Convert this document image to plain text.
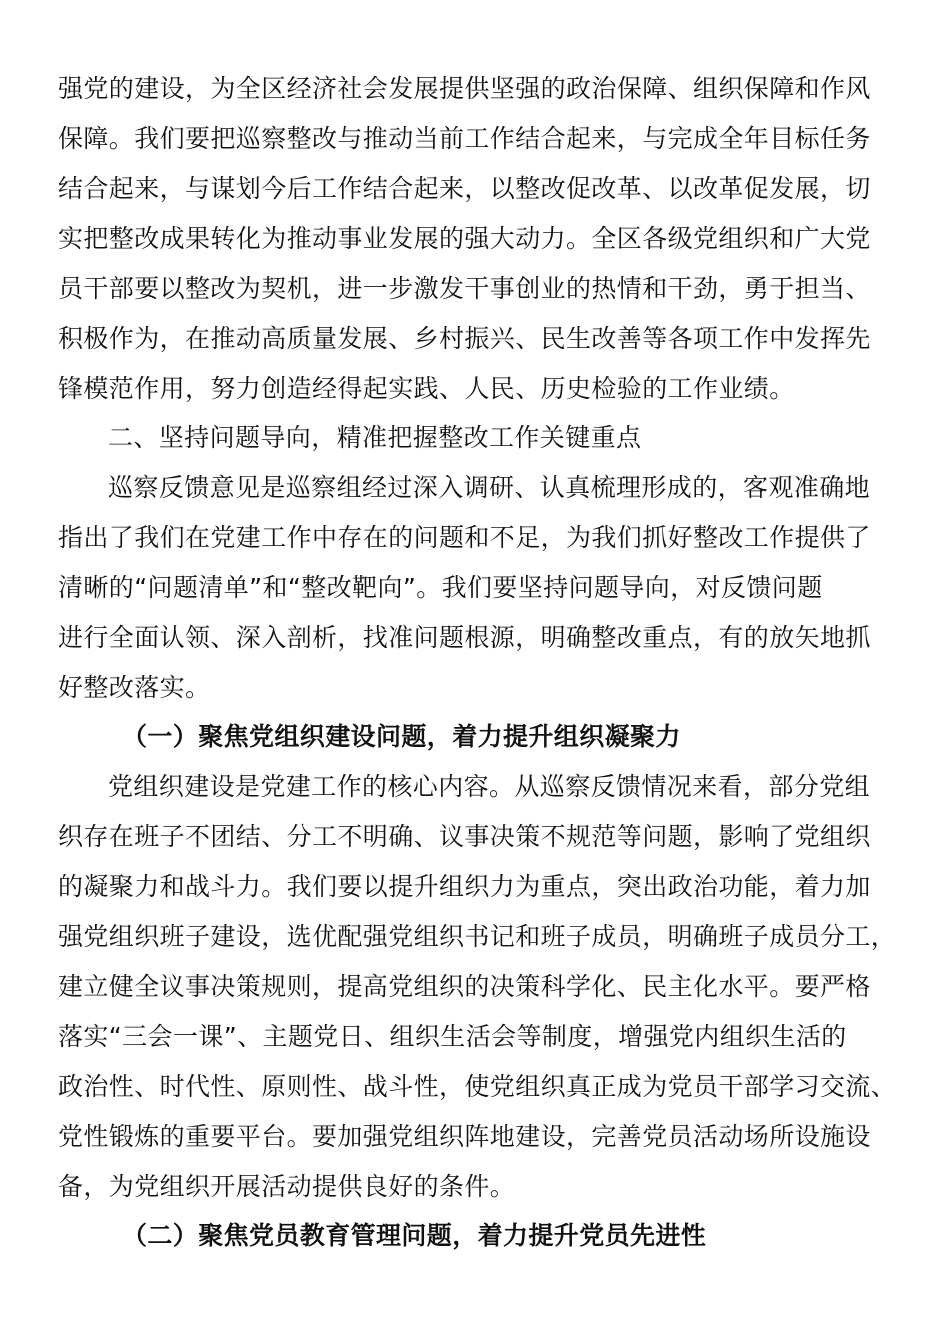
强党的建设，为全区经济社会发展提供坚强的政治保障、组织保障和作风
保障。我们要把巡察整改与推动当前工作结合起来，与完成全年目标任务
结合起来，与谋划今后工作结合起来，以整改促改革、以改革促发展，切
实把整改成果转化为推动事业发展的强大动力。全区各级党组织和广大党
员干部要以整改为契机，进一步激发干事创业的热情和干劲，勇于担当、
积极作为，在推动高质量发展、乡村振兴、民生改善等各项工作中发挥先
锋模范作用，努力创造经得起实践、人民、历史检验的工作业绩。
二、坚持问题导向，精准把握整改工作关键重点
巡察反馈意见是巡察组经过深入调研、认真梳理形成的，客观准确地
指出了我们在党建工作中存在的问题和不足，为我们抓好整改工作提供了
清晰的“问题清单”和“整改靶向”。我们要坚持问题导向，对反馈问题
进行全面认领、深入剖析，找准问题根源，明确整改重点，有的放矢地抓
好整改落实。
（一）聚焦党组织建设问题，着力提升组织凝聚力
党组织建设是党建工作的核心内容。从巡察反馈情况来看，部分党组
织存在班子不团结、分工不明确、议事决策不规范等问题，影响了党组织
的凝聚力和战斗力。我们要以提升组织力为重点，突出政治功能，着力加
强党组织班子建设，选优配强党组织书记和班子成员，明确班子成员分工，
建立健全议事决策规则，提高党组织的决策科学化、民主化水平。要严格
落实“三会一课”、主题党日、组织生活会等制度，增强党内组织生活的
政治性、时代性、原则性、战斗性，使党组织真正成为党员干部学习交流、
党性锻炼的重要平台。要加强党组织阵地建设，完善党员活动场所设施设
备，为党组织开展活动提供良好的条件。
（二）聚焦党员教育管理问题，着力提升党员先进性
